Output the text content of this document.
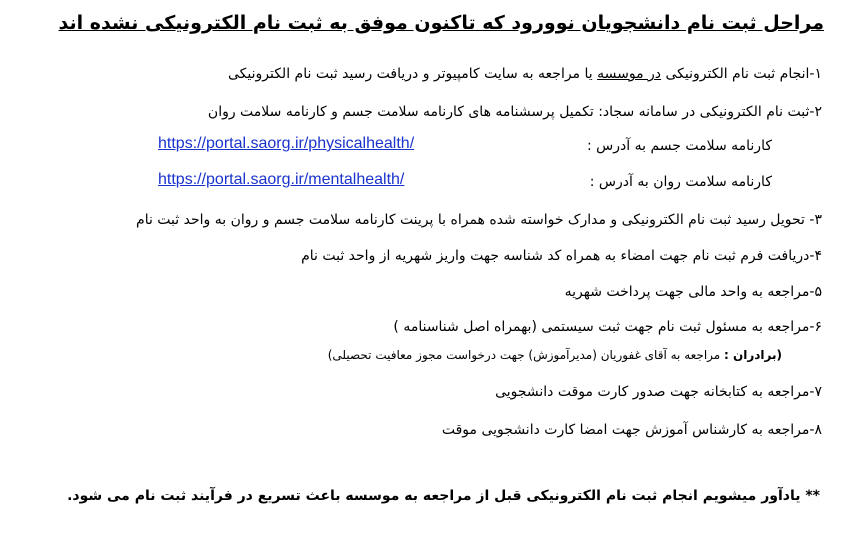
مراحل ثبت نام دانشجویان نوورود که تاکنون موفق به ثبت نام الکترونیکی نشده اند
۱-انجام ثبت نام الکترونیکی در موسسه یا مراجعه به سایت کامپیوتر و دریافت رسید ثبت نام الکترونیکی
۲-ثبت نام الکترونیکی در سامانه سجاد: تکمیل پرسشنامه های کارنامه سلامت جسم و کارنامه سلامت روان
کارنامه سلامت جسم به آدرس :
https://portal.saorg.ir/physicalhealth/
کارنامه سلامت روان به آدرس :
https://portal.saorg.ir/mentalhealth/
۳- تحویل رسید ثبت نام الکترونیکی و مدارک خواسته شده همراه با پرینت کارنامه سلامت جسم و روان به واحد ثبت نام
۴-دریافت فرم ثبت نام جهت امضاء به همراه کد شناسه جهت واریز شهریه از واحد ثبت نام
۵-مراجعه به واحد مالی جهت پرداخت شهریه
۶-مراجعه به مسئول ثبت نام جهت ثبت سیستمی (بهمراه اصل شناسنامه )
(برادران : مراجعه به آقای غفوریان (مدیرآموزش) جهت درخواست مجوز معافیت تحصیلی)
۷-مراجعه به کتابخانه جهت صدور کارت موقت دانشجویی
۸-مراجعه به کارشناس آموزش جهت امضا کارت دانشجویی موقت
** یادآور میشویم انجام ثبت نام الکترونیکی قبل از مراجعه به موسسه باعث تسریع در فرآیند ثبت نام می شود.
